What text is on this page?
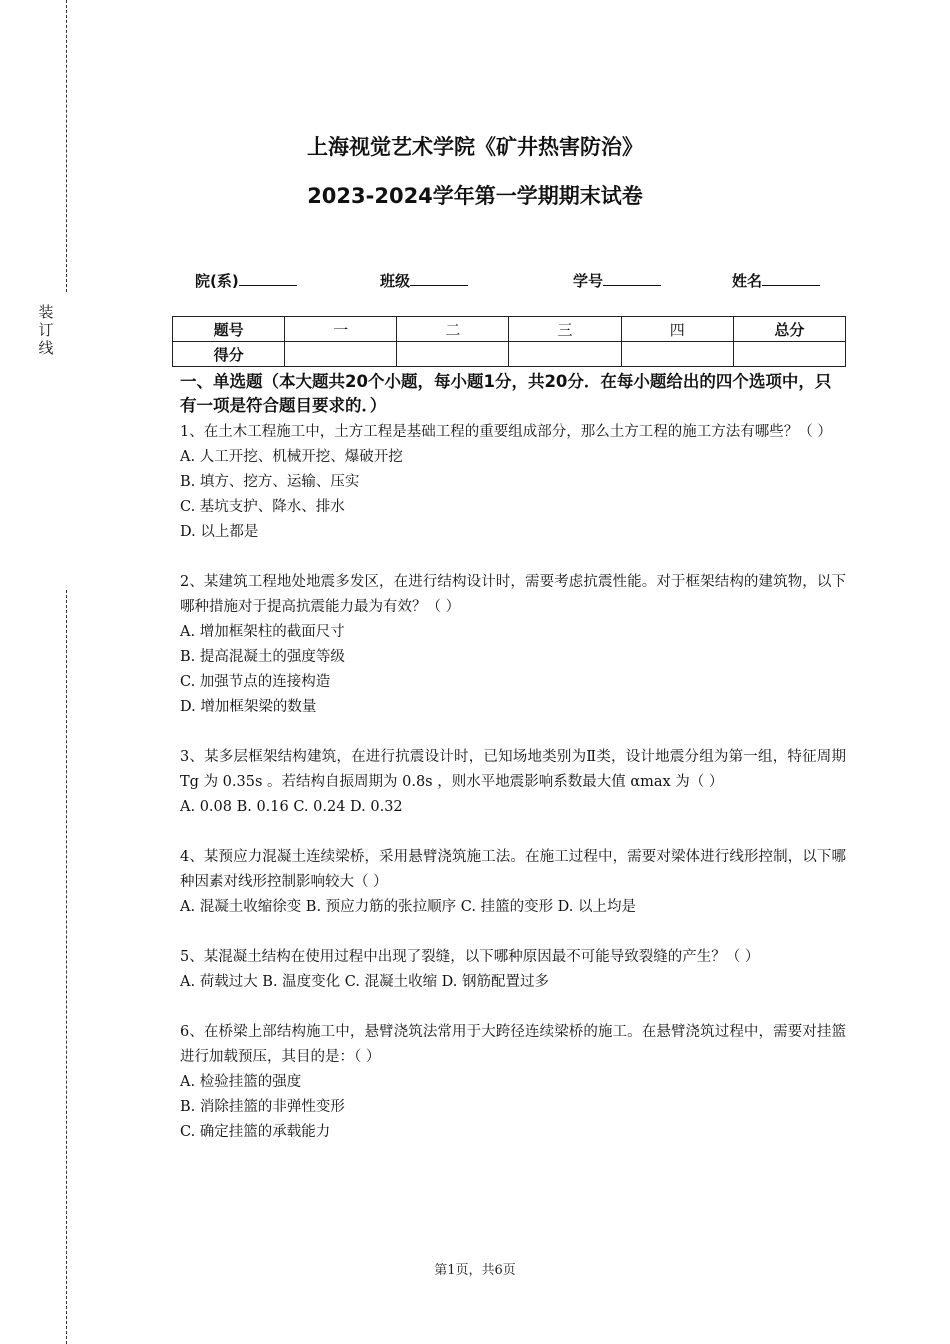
装
订
线
上海视觉艺术学院《矿井热害防治》
2023-2024学年第一学期期末试卷
院(系)	班级	学号	姓名
题号	一	二	三	四	总分
得分					
一、单选题（本大题共20个小题，每小题1分，共20分．在每小题给出的四个选项中，只有一项是符合题目要求的．）

1、在土木工程施工中，土方工程是基础工程的重要组成部分，那么土方工程的施工方法有哪些？（ ）

A. 人工开挖、机械开挖、爆破开挖

B. 填方、挖方、运输、压实

C. 基坑支护、降水、排水

D. 以上都是

2、某建筑工程地处地震多发区，在进行结构设计时，需要考虑抗震性能。对于框架结构的建筑物，以下哪种措施对于提高抗震能力最为有效？（ ）

A. 增加框架柱的截面尺寸

B. 提高混凝土的强度等级

C. 加强节点的连接构造

D. 增加框架梁的数量

3、某多层框架结构建筑，在进行抗震设计时，已知场地类别为Ⅱ类，设计地震分组为第一组，特征周期 Tg 为 0.35s 。若结构自振周期为 0.8s ，则水平地震影响系数最大值 αmax 为（ ）

A. 0.08 B. 0.16 C. 0.24 D. 0.32

4、某预应力混凝土连续梁桥，采用悬臂浇筑施工法。在施工过程中，需要对梁体进行线形控制，以下哪种因素对线形控制影响较大（ ）

A. 混凝土收缩徐变 B. 预应力筋的张拉顺序 C. 挂篮的变形 D. 以上均是

5、某混凝土结构在使用过程中出现了裂缝，以下哪种原因最不可能导致裂缝的产生？（ ）

A. 荷载过大 B. 温度变化 C. 混凝土收缩 D. 钢筋配置过多

6、在桥梁上部结构施工中，悬臂浇筑法常用于大跨径连续梁桥的施工。在悬臂浇筑过程中，需要对挂篮进行加载预压，其目的是：（ ）

A. 检验挂篮的强度

B. 消除挂篮的非弹性变形

C. 确定挂篮的承载能力

第1页，共6页
